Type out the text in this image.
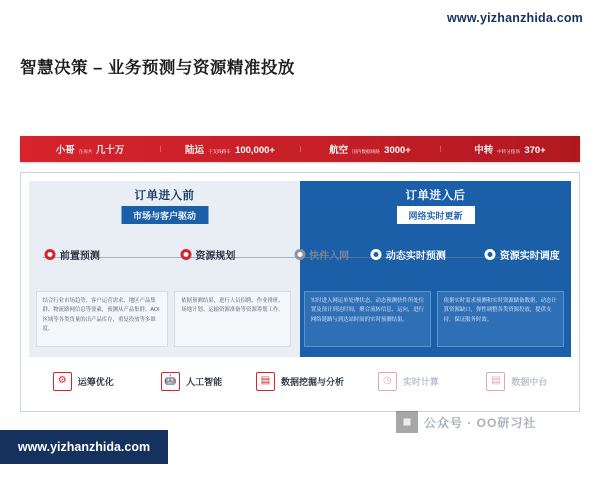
www.yizhanzhida.com
智慧决策 – 业务预测与资源精准投放
小哥 在岗共 几十万	陆运 干支线路车 100,000+	航空 国内数据线路 3000+	中转 中转分拨场 370+
订单进入前
市场与客户驱动
订单进入后
网络实时更新
前置预测	资源规划	快件入网	动态实时预测	资源实时调度
结合行业市场趋势、客户运营需求、地区产品集群、物流路网信息等要素，预测从产品集群、AOI区域等各类货量的出产品库存，重复投放等多维度。
依据预测结果，进行人员招聘、作业排班、场地计划、运输资源准备等资源筹划工作。
实时进入网运单处理状态，动态预测快件所处位置及预计到达时间，聚合流转信息、运向，进行网络链路与到达站时间的实时预测结果。
依据实时需求预测和实时资源储备数据，动态计算资源缺口，弹性调整各类资源投放，提供支持、保证服务时效。
⚙	运筹优化	🤖	人工智能	▤	数据挖掘与分析	◷	实时计算	▤	数据中台
公众号 · OO研习社
www.yizhanzhida.com
